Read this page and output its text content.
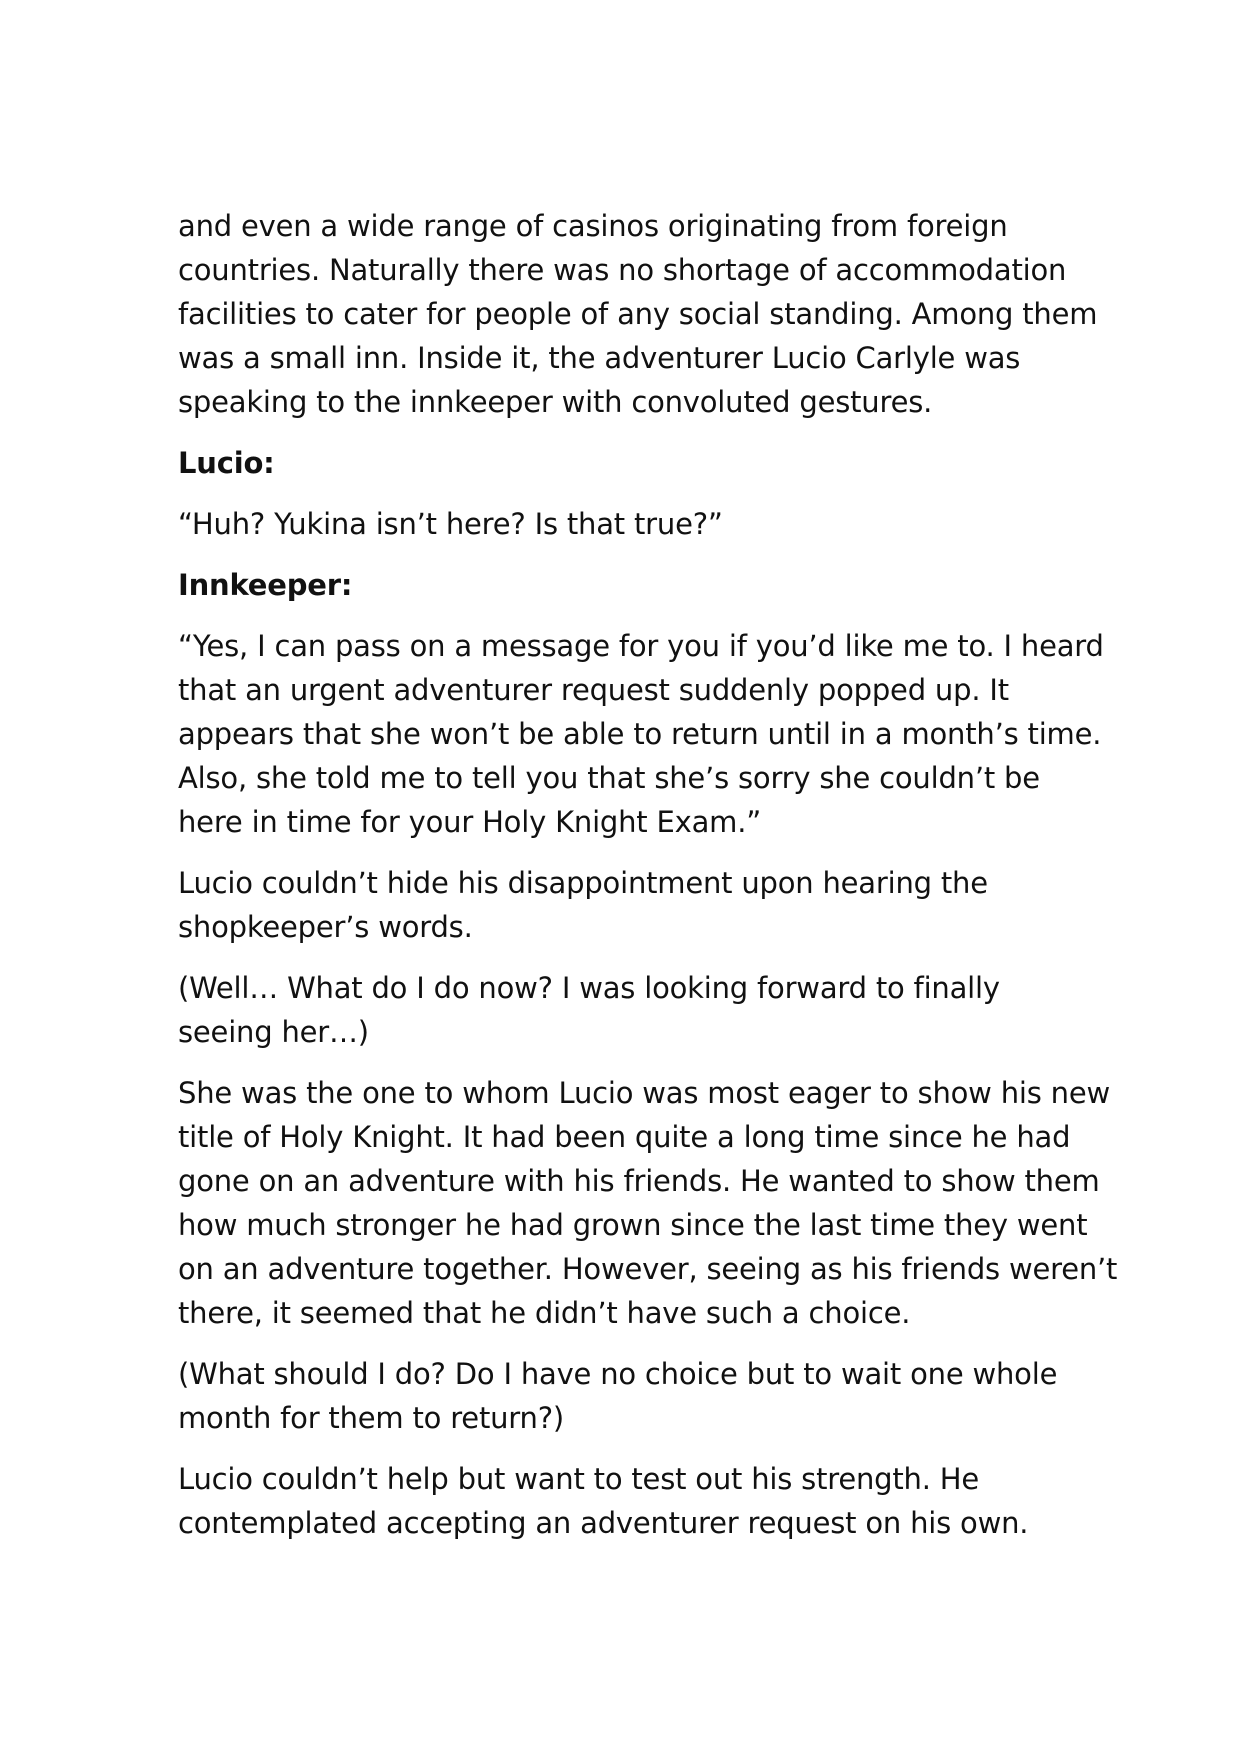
and even a wide range of casinos originating from foreign
countries. Naturally there was no shortage of accommodation
facilities to cater for people of any social standing. Among them
was a small inn. Inside it, the adventurer Lucio Carlyle was
speaking to the innkeeper with convoluted gestures.

Lucio:

“Huh? Yukina isn’t here? Is that true?”

Innkeeper:

“Yes, I can pass on a message for you if you’d like me to. I heard
that an urgent adventurer request suddenly popped up. It
appears that she won’t be able to return until in a month’s time.
Also, she told me to tell you that she’s sorry she couldn’t be
here in time for your Holy Knight Exam.”

Lucio couldn’t hide his disappointment upon hearing the
shopkeeper’s words.

(Well… What do I do now? I was looking forward to finally
seeing her…)

She was the one to whom Lucio was most eager to show his new
title of Holy Knight. It had been quite a long time since he had
gone on an adventure with his friends. He wanted to show them
how much stronger he had grown since the last time they went
on an adventure together. However, seeing as his friends weren’t
there, it seemed that he didn’t have such a choice.

(What should I do? Do I have no choice but to wait one whole
month for them to return?)

Lucio couldn’t help but want to test out his strength. He
contemplated accepting an adventurer request on his own.
